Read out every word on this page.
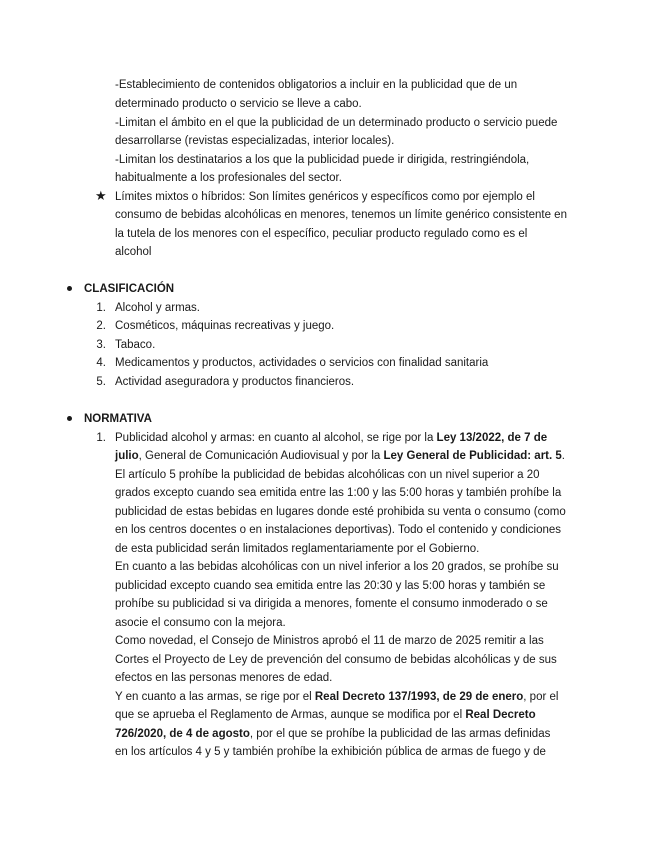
-Establecimiento de contenidos obligatorios a incluir en la publicidad que de un
determinado producto o servicio se lleve a cabo.
-Limitan el ámbito en el que la publicidad de un determinado producto o servicio puede
desarrollarse (revistas especializadas, interior locales).
-Limitan los destinatarios a los que la publicidad puede ir dirigida, restringiéndola,
habitualmente a los profesionales del sector.
★ Límites mixtos o híbridos: Son límites genéricos y específicos como por ejemplo el
consumo de bebidas alcohólicas en menores, tenemos un límite genérico consistente en
la tutela de los menores con el específico, peculiar producto regulado como es el
alcohol
CLASIFICACIÓN
1. Alcohol y armas.
2. Cosméticos, máquinas recreativas y juego.
3. Tabaco.
4. Medicamentos y productos, actividades o servicios con finalidad sanitaria
5. Actividad aseguradora y productos financieros.
NORMATIVA
1. Publicidad alcohol y armas: en cuanto al alcohol, se rige por la Ley 13/2022, de 7 de
julio, General de Comunicación Audiovisual y por la Ley General de Publicidad: art. 5.
El artículo 5 prohíbe la publicidad de bebidas alcohólicas con un nivel superior a 20
grados excepto cuando sea emitida entre las 1:00 y las 5:00 horas y también prohíbe la
publicidad de estas bebidas en lugares donde esté prohibida su venta o consumo (como
en los centros docentes o en instalaciones deportivas). Todo el contenido y condiciones
de esta publicidad serán limitados reglamentariamente por el Gobierno.
En cuanto a las bebidas alcohólicas con un nivel inferior a los 20 grados, se prohíbe su
publicidad excepto cuando sea emitida entre las 20:30 y las 5:00 horas y también se
prohíbe su publicidad si va dirigida a menores, fomente el consumo inmoderado o se
asocie el consumo con la mejora.
Como novedad, el Consejo de Ministros aprobó el 11 de marzo de 2025 remitir a las
Cortes el Proyecto de Ley de prevención del consumo de bebidas alcohólicas y de sus
efectos en las personas menores de edad.
Y en cuanto a las armas, se rige por el Real Decreto 137/1993, de 29 de enero, por el
que se aprueba el Reglamento de Armas, aunque se modifica por el Real Decreto
726/2020, de 4 de agosto, por el que se prohíbe la publicidad de las armas definidas
en los artículos 4 y 5 y también prohíbe la exhibición pública de armas de fuego y de
